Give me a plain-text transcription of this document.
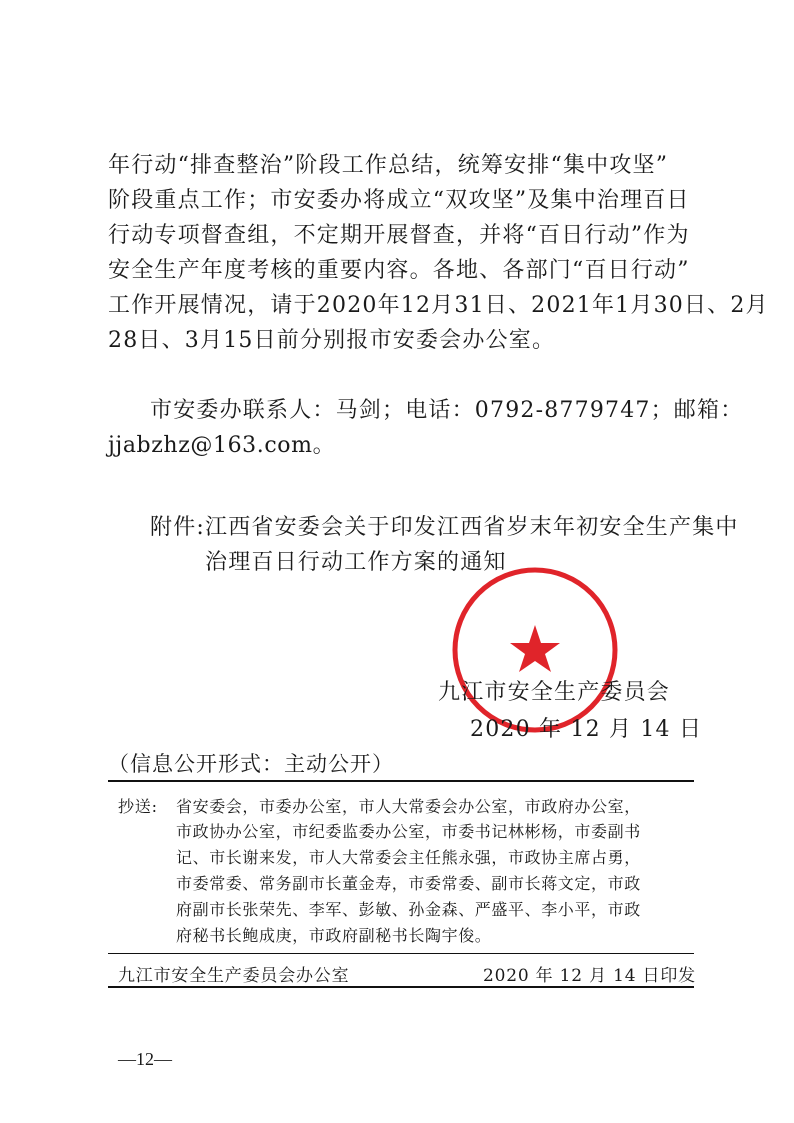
年行动“排查整治”阶段工作总结，统筹安排“集中攻坚”
阶段重点工作；市安委办将成立“双攻坚”及集中治理百日
行动专项督查组，不定期开展督查，并将“百日行动”作为
安全生产年度考核的重要内容。各地、各部门“百日行动”
工作开展情况，请于2020年12月31日、2021年1月30日、2月
28日、3月15日前分别报市安委会办公室。
市安委办联系人：马剑；电话：0792-8779747；邮箱：
jjabzhz@163.com。
附件: 江西省安委会关于印发江西省岁末年初安全生产集中
治理百日行动工作方案的通知
九江市安全生产委员会
2020 年 12 月 14 日
（信息公开形式：主动公开）
抄送: 省安委会，市委办公室，市人大常委会办公室，市政府办公室，
市政协办公室，市纪委监委办公室，市委书记林彬杨，市委副书
记、市长谢来发，市人大常委会主任熊永强，市政协主席占勇，
市委常委、常务副市长董金寿，市委常委、副市长蒋文定，市政
府副市长张荣先、李军、彭敏、孙金森、严盛平、李小平，市政
府秘书长鲍成庚，市政府副秘书长陶宇俊。
九江市安全生产委员会办公室	2020 年 12 月 14 日印发
—12—
